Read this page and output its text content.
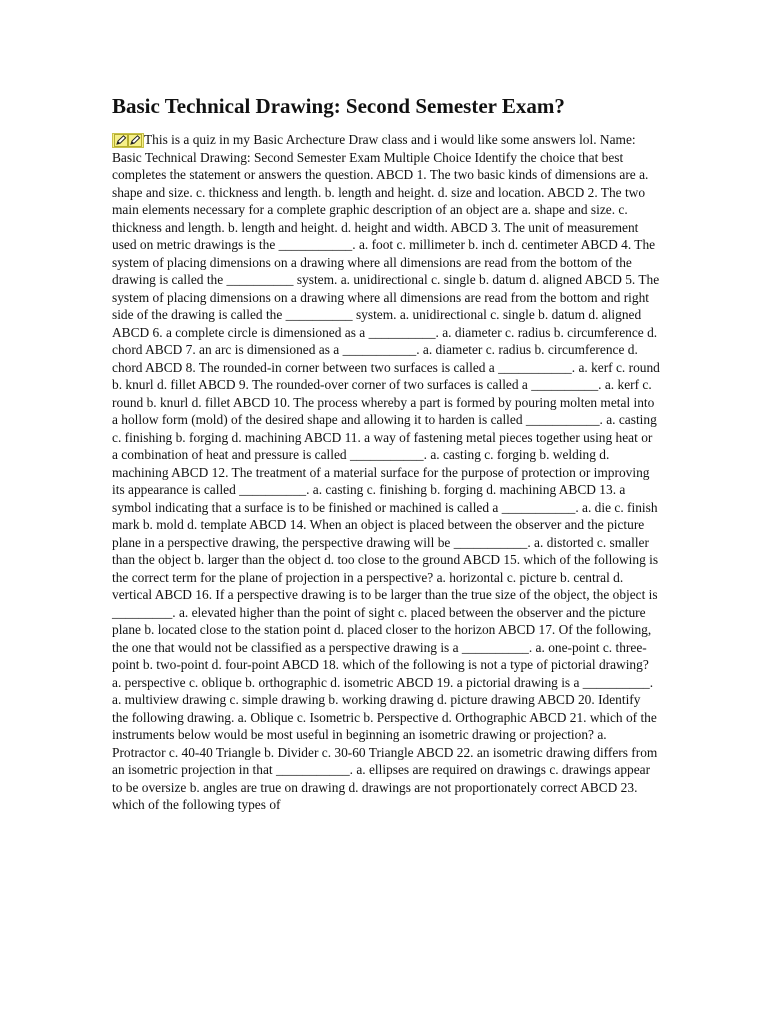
Basic Technical Drawing: Second Semester Exam?

This is a quiz in my Basic Archecture Draw class and i would like some answers lol. Name: Basic Technical Drawing: Second Semester Exam Multiple Choice Identify the choice that best completes the statement or answers the question. ABCD 1. The two basic kinds of dimensions are a. shape and size. c. thickness and length. b. length and height. d. size and location. ABCD 2. The two main elements necessary for a complete graphic description of an object are a. shape and size. c. thickness and length. b. length and height. d. height and width. ABCD 3. The unit of measurement used on metric drawings is the ___________. a. foot c. millimeter b. inch d. centimeter ABCD 4. The system of placing dimensions on a drawing where all dimensions are read from the bottom of the drawing is called the __________ system. a. unidirectional c. single b. datum d. aligned ABCD 5. The system of placing dimensions on a drawing where all dimensions are read from the bottom and right side of the drawing is called the __________ system. a. unidirectional c. single b. datum d. aligned ABCD 6. a complete circle is dimensioned as a __________. a. diameter c. radius b. circumference d. chord ABCD 7. an arc is dimensioned as a ___________. a. diameter c. radius b. circumference d. chord ABCD 8. The rounded-in corner between two surfaces is called a ___________. a. kerf c. round b. knurl d. fillet ABCD 9. The rounded-over corner of two surfaces is called a __________. a. kerf c. round b. knurl d. fillet ABCD 10. The process whereby a part is formed by pouring molten metal into a hollow form (mold) of the desired shape and allowing it to harden is called ___________. a. casting c. finishing b. forging d. machining ABCD 11. a way of fastening metal pieces together using heat or a combination of heat and pressure is called ___________. a. casting c. forging b. welding d. machining ABCD 12. The treatment of a material surface for the purpose of protection or improving its appearance is called __________. a. casting c. finishing b. forging d. machining ABCD 13. a symbol indicating that a surface is to be finished or machined is called a ___________. a. die c. finish mark b. mold d. template ABCD 14. When an object is placed between the observer and the picture plane in a perspective drawing, the perspective drawing will be ___________. a. distorted c. smaller than the object b. larger than the object d. too close to the ground ABCD 15. which of the following is the correct term for the plane of projection in a perspective? a. horizontal c. picture b. central d. vertical ABCD 16. If a perspective drawing is to be larger than the true size of the object, the object is _________. a. elevated higher than the point of sight c. placed between the observer and the picture plane b. located close to the station point d. placed closer to the horizon ABCD 17. Of the following, the one that would not be classified as a perspective drawing is a __________. a. one-point c. three-point b. two-point d. four-point ABCD 18. which of the following is not a type of pictorial drawing? a. perspective c. oblique b. orthographic d. isometric ABCD 19. a pictorial drawing is a __________. a. multiview drawing c. simple drawing b. working drawing d. picture drawing ABCD 20. Identify the following drawing. a. Oblique c. Isometric b. Perspective d. Orthographic ABCD 21. which of the instruments below would be most useful in beginning an isometric drawing or projection? a. Protractor c. 40-40 Triangle b. Divider c. 30-60 Triangle ABCD 22. an isometric drawing differs from an isometric projection in that ___________. a. ellipses are required on drawings c. drawings appear to be oversize b. angles are true on drawing d. drawings are not proportionately correct ABCD 23. which of the following types of
